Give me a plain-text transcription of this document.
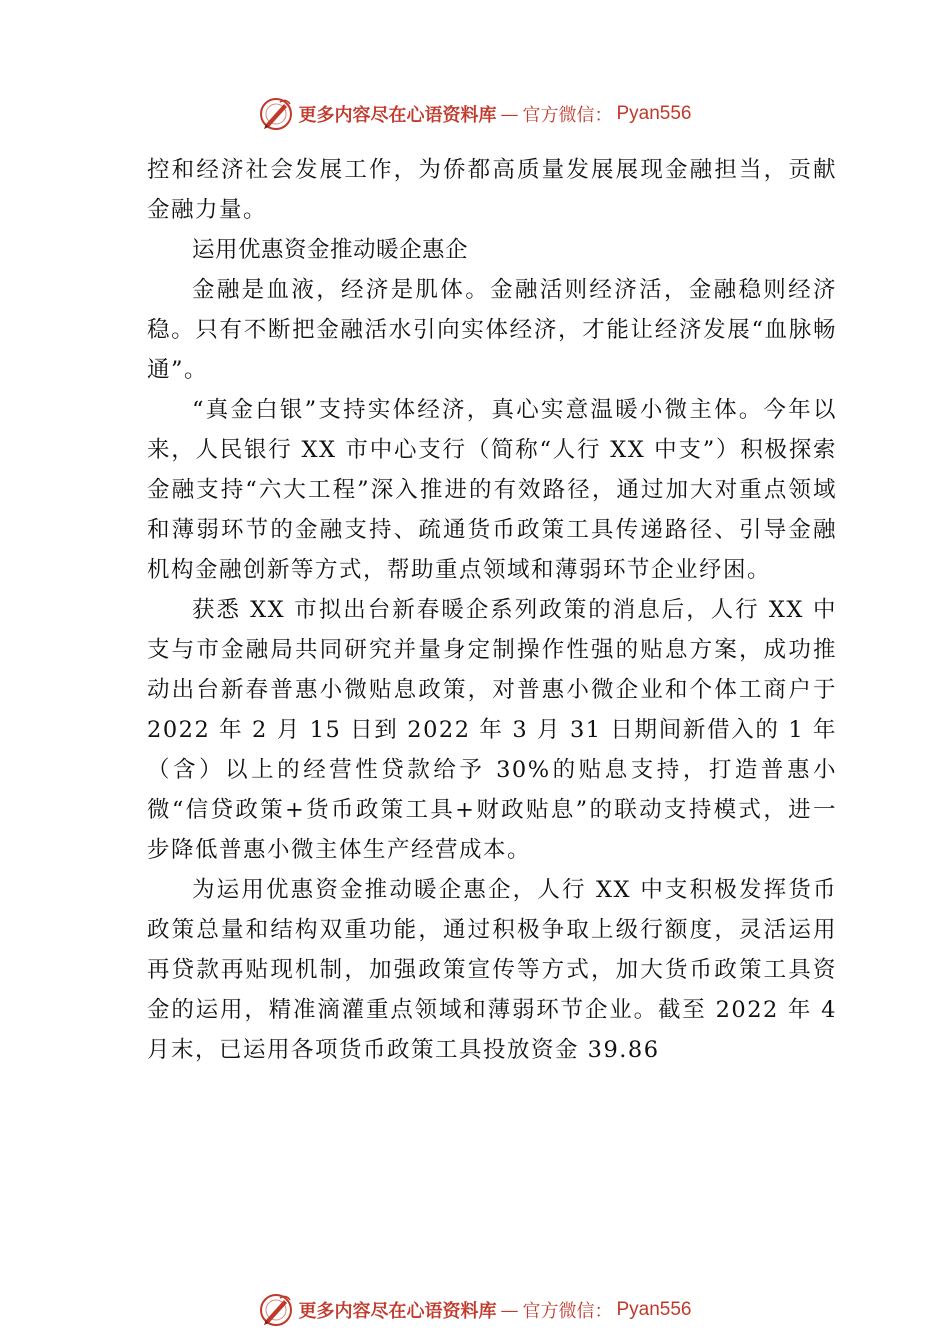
更多内容尽在心语资料库 — 官方微信： Pyan556

控和经济社会发展工作，为侨都高质量发展展现金融担当，贡献金融力量。

运用优惠资金推动暖企惠企

金融是血液，经济是肌体。金融活则经济活，金融稳则经济稳。只有不断把金融活水引向实体经济，才能让经济发展“血脉畅通”。

“真金白银”支持实体经济，真心实意温暖小微主体。今年以来，人民银行 XX 市中心支行（简称“人行 XX 中支”）积极探索金融支持“六大工程”深入推进的有效路径，通过加大对重点领域和薄弱环节的金融支持、疏通货币政策工具传递路径、引导金融机构金融创新等方式，帮助重点领域和薄弱环节企业纾困。

获悉 XX 市拟出台新春暖企系列政策的消息后，人行 XX 中支与市金融局共同研究并量身定制操作性强的贴息方案，成功推动出台新春普惠小微贴息政策，对普惠小微企业和个体工商户于 2022 年 2 月 15 日到 2022 年 3 月 31 日期间新借入的 1 年（含）以上的经营性贷款给予 30%的贴息支持，打造普惠小微“信贷政策+货币政策工具+财政贴息”的联动支持模式，进一步降低普惠小微主体生产经营成本。

为运用优惠资金推动暖企惠企，人行 XX 中支积极发挥货币政策总量和结构双重功能，通过积极争取上级行额度，灵活运用再贷款再贴现机制，加强政策宣传等方式，加大货币政策工具资金的运用，精准滴灌重点领域和薄弱环节企业。截至 2022 年 4 月末，已运用各项货币政策工具投放资金 39.86

更多内容尽在心语资料库 — 官方微信： Pyan556
